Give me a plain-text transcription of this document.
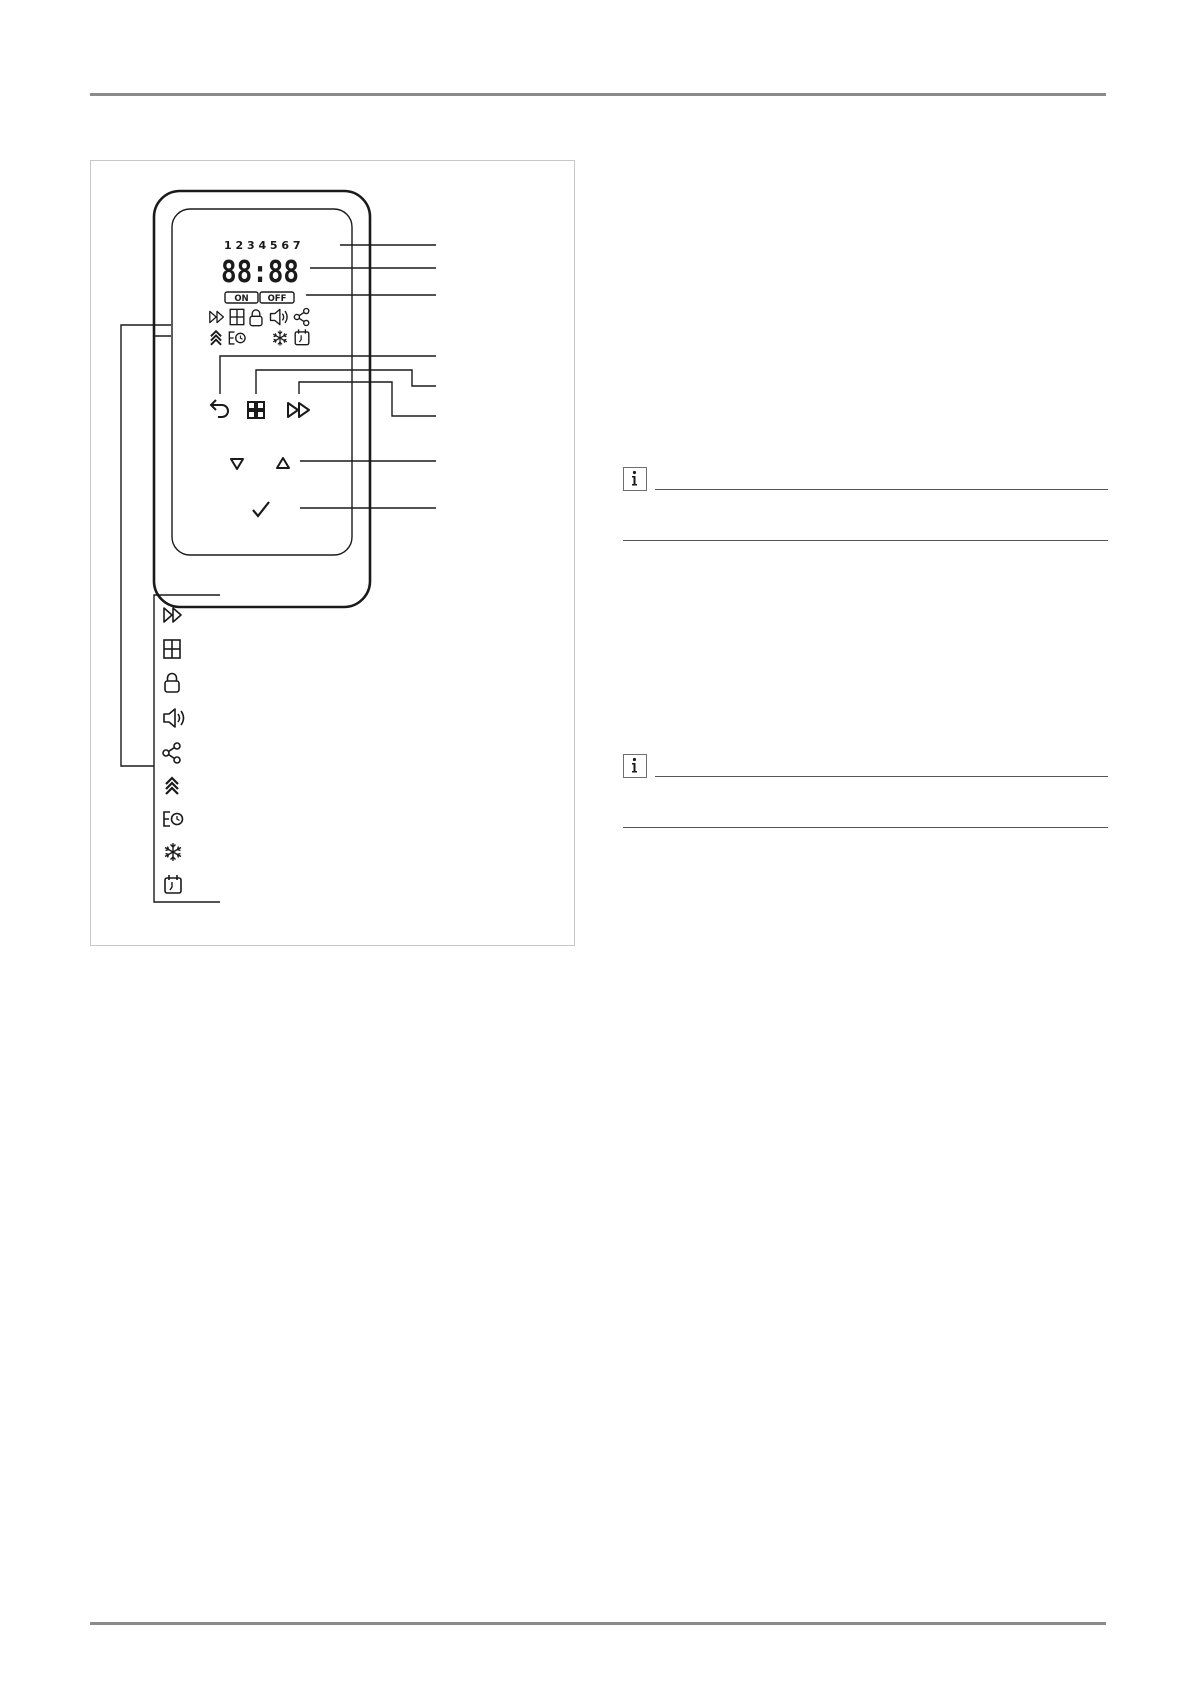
1 2 3 4 5 6 7
88:88
ON OFF
